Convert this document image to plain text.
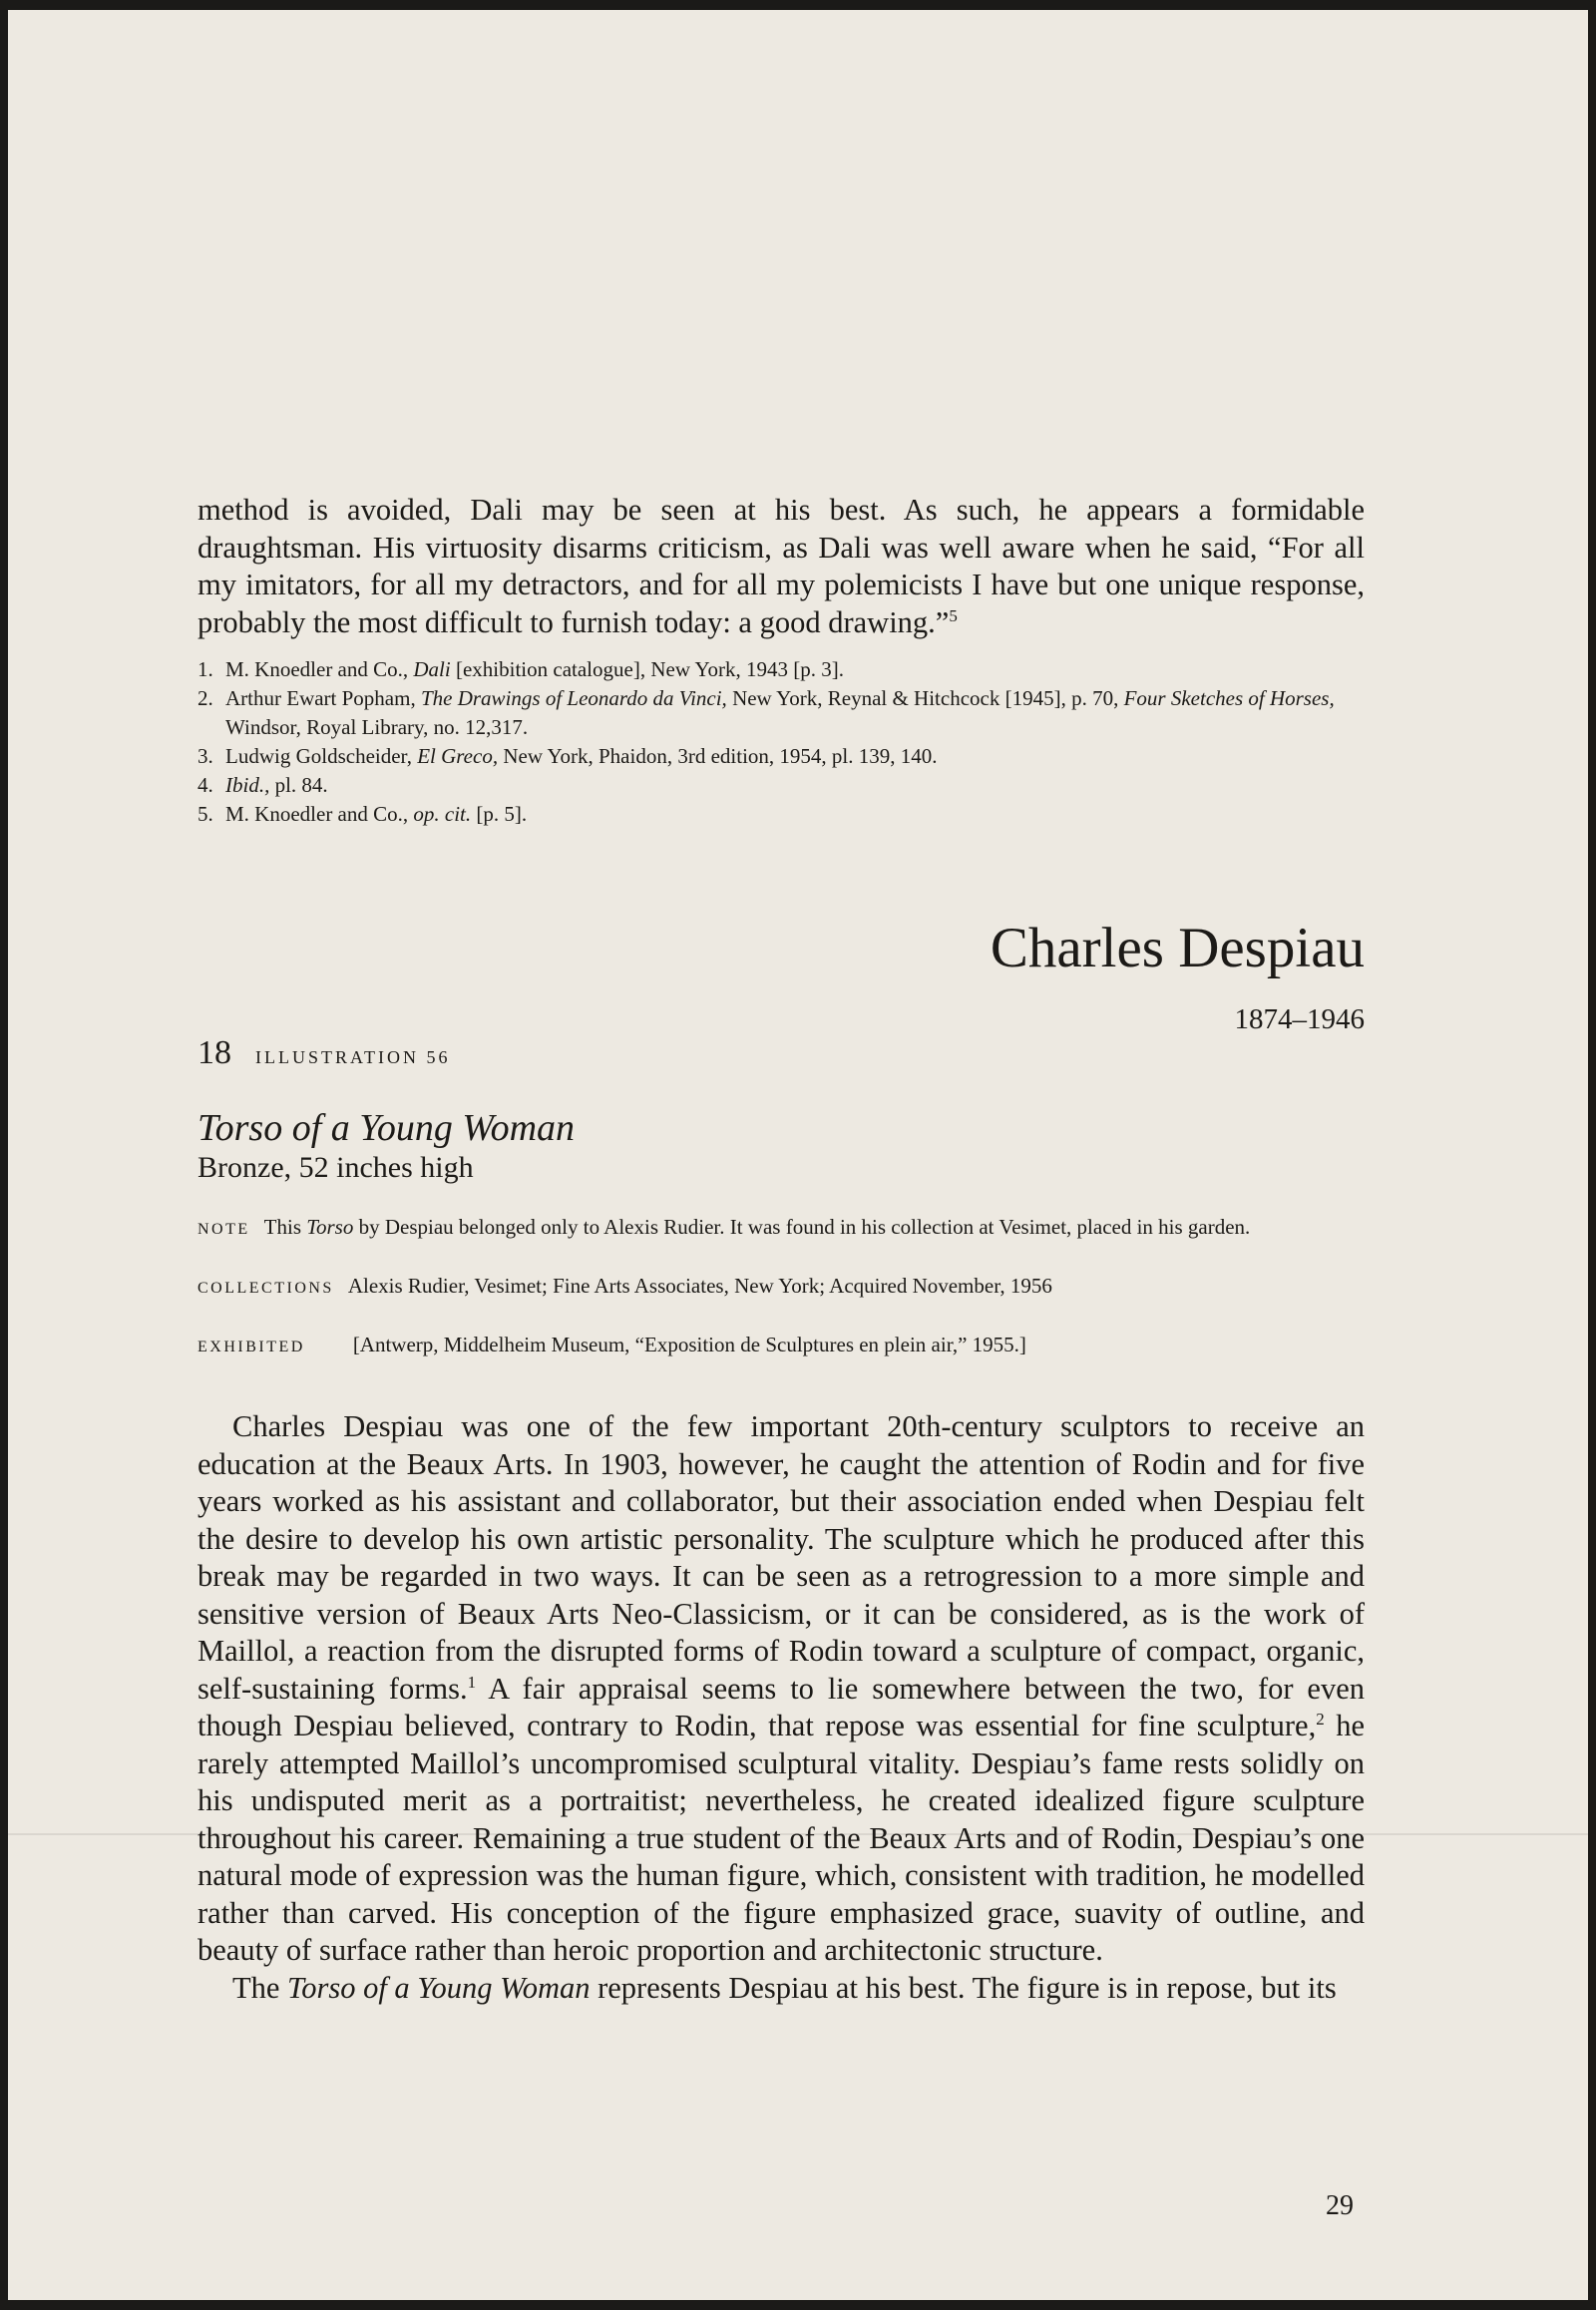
method is avoided, Dali may be seen at his best. As such, he appears a formidable draughtsman. His virtuosity disarms criticism, as Dali was well aware when he said, “For all my imitators, for all my detractors, and for all my polemicists I have but one unique response, probably the most difficult to furnish today: a good drawing.”$^5$

1. M. Knoedler and Co., Dali [exhibition catalogue], New York, 1943 [p. 3].
2. Arthur Ewart Popham, The Drawings of Leonardo da Vinci, New York, Reynal & Hitchcock [1945], p. 70, Four Sketches of Horses, Windsor, Royal Library, no. 12,317.
3. Ludwig Goldscheider, El Greco, New York, Phaidon, 3rd edition, 1954, pl. 139, 140.
4. Ibid., pl. 84.
5. M. Knoedler and Co., op. cit. [p. 5].
Charles Despiau
1874–1946
18 ILLUSTRATION 56
Torso of a Young Woman
Bronze, 52 inches high
NOTE This Torso by Despiau belonged only to Alexis Rudier. It was found in his collection at Vesimet, placed in his garden.
COLLECTIONS Alexis Rudier, Vesimet; Fine Arts Associates, New York; Acquired November, 1956
EXHIBITED [Antwerp, Middelheim Museum, “Exposition de Sculptures en plein air,” 1955.]

Charles Despiau was one of the few important 20th-century sculptors to receive an education at the Beaux Arts. In 1903, however, he caught the attention of Rodin and for five years worked as his assistant and collaborator, but their association ended when Despiau felt the desire to develop his own artistic personality. The sculpture which he produced after this break may be regarded in two ways. It can be seen as a retrogression to a more simple and sensitive version of Beaux Arts Neo-Classicism, or it can be considered, as is the work of Maillol, a reaction from the disrupted forms of Rodin toward a sculpture of compact, organic, self-sustaining forms.$^1$ A fair appraisal seems to lie somewhere between the two, for even though Despiau believed, contrary to Rodin, that repose was essential for fine sculpture,$^2$ he rarely attempted Maillol’s uncompromised sculptural vitality. Despiau’s fame rests solidly on his undisputed merit as a portraitist; nevertheless, he created idealized figure sculpture throughout his career. Remaining a true student of the Beaux Arts and of Rodin, Despiau’s one natural mode of expression was the human figure, which, consistent with tradition, he modelled rather than carved. His conception of the figure emphasized grace, suavity of outline, and beauty of surface rather than heroic proportion and architectonic structure.

The Torso of a Young Woman represents Despiau at his best. The figure is in repose, but its

29
